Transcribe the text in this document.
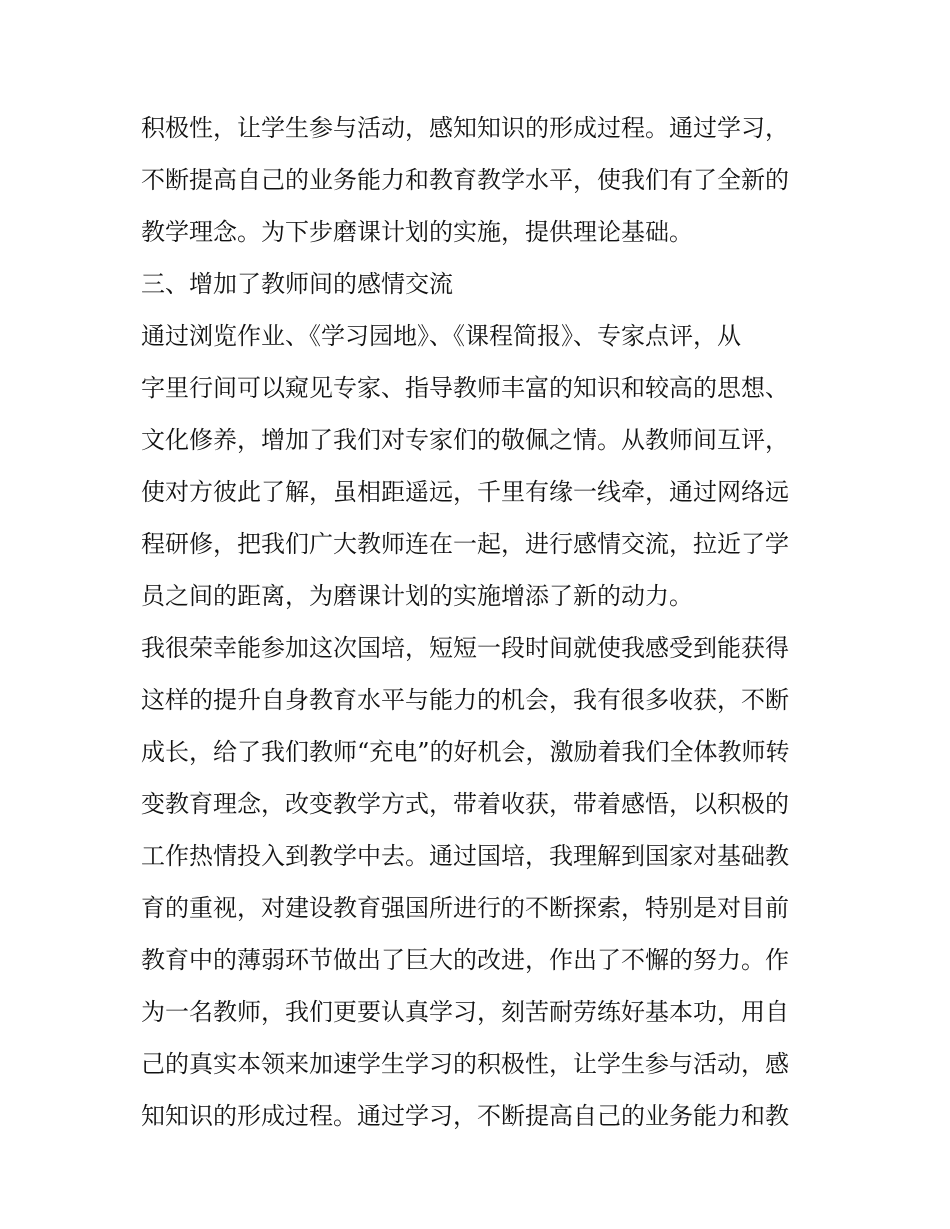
积极性，让学生参与活动，感知知识的形成过程。通过学习，
不断提高自己的业务能力和教育教学水平，使我们有了全新的
教学理念。为下步磨课计划的实施，提供理论基础。
三、增加了教师间的感情交流
通过浏览作业、《学习园地》、《课程简报》、专家点评，从
字里行间可以窥见专家、指导教师丰富的知识和较高的思想、
文化修养，增加了我们对专家们的敬佩之情。从教师间互评，
使对方彼此了解，虽相距遥远，千里有缘一线牵，通过网络远
程研修，把我们广大教师连在一起，进行感情交流，拉近了学
员之间的距离，为磨课计划的实施增添了新的动力。
我很荣幸能参加这次国培，短短一段时间就使我感受到能获得
这样的提升自身教育水平与能力的机会，我有很多收获，不断
成长，给了我们教师“充电”的好机会，激励着我们全体教师转
变教育理念，改变教学方式，带着收获，带着感悟，以积极的
工作热情投入到教学中去。通过国培，我理解到国家对基础教
育的重视，对建设教育强国所进行的不断探索，特别是对目前
教育中的薄弱环节做出了巨大的改进，作出了不懈的努力。作
为一名教师，我们更要认真学习，刻苦耐劳练好基本功，用自
己的真实本领来加速学生学习的积极性，让学生参与活动，感
知知识的形成过程。通过学习，不断提高自己的业务能力和教
